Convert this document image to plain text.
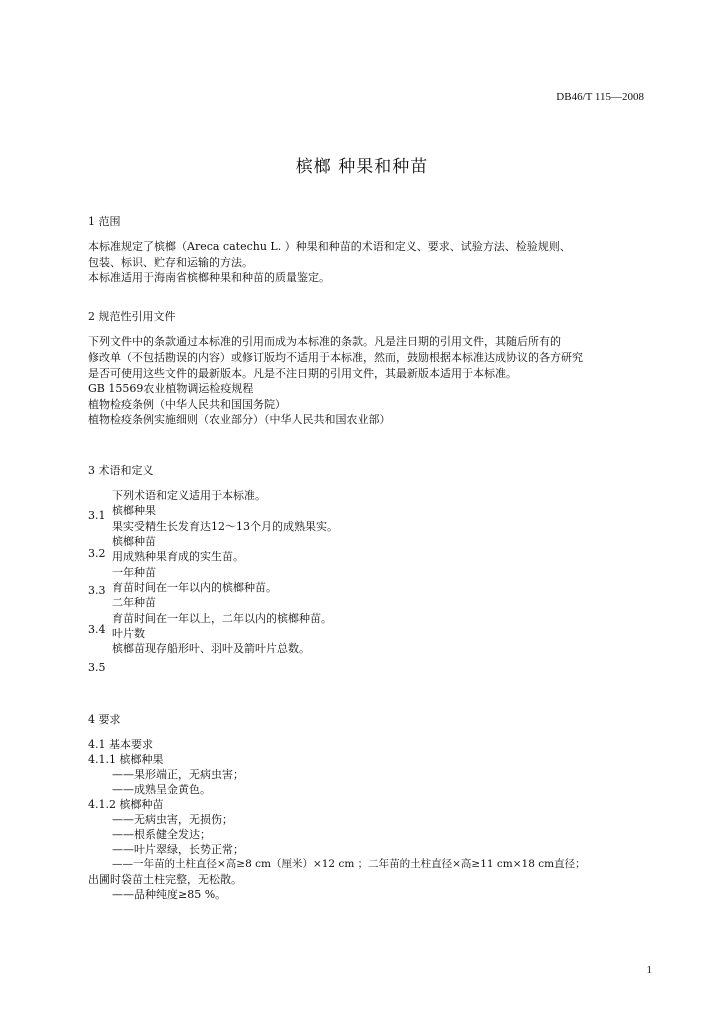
DB46/T 115—2008
槟榔 种果和种苗
1 范围
本标准规定了槟榔（Areca catechu L. ）种果和种苗的术语和定义、要求、试验方法、检验规则、
包装、标识、贮存和运输的方法。
本标准适用于海南省槟榔种果和种苗的质量鉴定。
2 规范性引用文件
下列文件中的条款通过本标准的引用而成为本标准的条款。凡是注日期的引用文件，其随后所有的
修改单（不包括勘误的内容）或修订版均不适用于本标准，然而，鼓励根据本标准达成协议的各方研究
是否可使用这些文件的最新版本。凡是不注日期的引用文件，其最新版本适用于本标准。
GB 15569农业植物调运检疫规程
植物检疫条例（中华人民共和国国务院）
植物检疫条例实施细则（农业部分）（中华人民共和国农业部）
3 术语和定义
下列术语和定义适用于本标准。
3.1
3.2
3.3
3.4
3.5
槟榔种果
果实受精生长发育达12～13个月的成熟果实。
槟榔种苗
用成熟种果育成的实生苗。
一年种苗
育苗时间在一年以内的槟榔种苗。
二年种苗
育苗时间在一年以上，二年以内的槟榔种苗。
叶片数
槟榔苗现存船形叶、羽叶及箭叶片总数。
4 要求
4.1 基本要求
4.1.1 槟榔种果
——果形端正，无病虫害；
——成熟呈金黄色。
4.1.2 槟榔种苗
——无病虫害，无损伤；
——根系健全发达；
——叶片翠绿，长势正常；
——一年苗的土柱直径×高≥8 cm（厘米）×12 cm ；二年苗的土柱直径×高≥11 cm×18 cm直径；
出圃时袋苗土柱完整，无松散。
——品种纯度≥85 %。
1
